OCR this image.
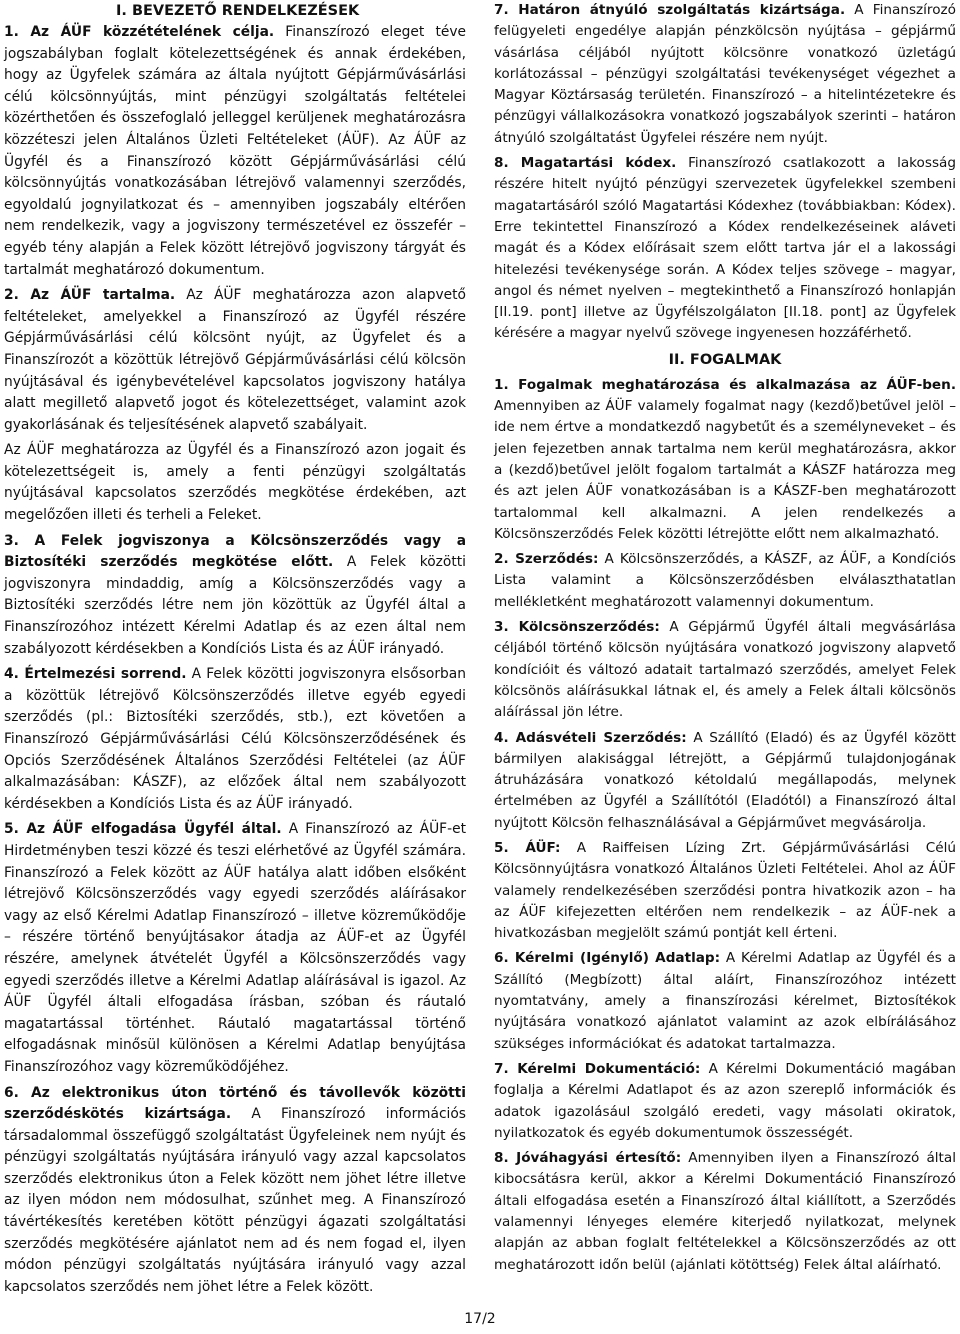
I. BEVEZETŐ RENDELKEZÉSEK

1. Az ÁÜF közzétételének célja. Finanszírozó eleget téve jogszabályban foglalt kötelezettségének és annak érdekében, hogy az Ügyfelek számára az általa nyújtott Gépjárművásárlási célú kölcsönnyújtás, mint pénzügyi szolgáltatás feltételei közérthetően és összefoglaló jelleggel kerüljenek meghatározásra közzéteszi jelen Általános Üzleti Feltételeket (ÁÜF). Az ÁÜF az Ügyfél és a Finanszírozó között Gépjárművásárlási célú kölcsönnyújtás vonatkozásában létrejövő valamennyi szerződés, egyoldalú jognyilatkozat és – amennyiben jogszabály eltérően nem rendelkezik, vagy a jogviszony természetével ez összefér – egyéb tény alapján a Felek között létrejövő jogviszony tárgyát és tartalmát meghatározó dokumentum.

2. Az ÁÜF tartalma. Az ÁÜF meghatározza azon alapvető feltételeket, amelyekkel a Finanszírozó az Ügyfél részére Gépjárművásárlási célú kölcsönt nyújt, az Ügyfelet és a Finanszírozót a közöttük létrejövő Gépjárművásárlási célú kölcsön nyújtásával és igénybevételével kapcsolatos jogviszony hatálya alatt megillető alapvető jogot és kötelezettséget, valamint azok gyakorlásának és teljesítésének alapvető szabályait.

Az ÁÜF meghatározza az Ügyfél és a Finanszírozó azon jogait és kötelezettségeit is, amely a fenti pénzügyi szolgáltatás nyújtásával kapcsolatos szerződés megkötése érdekében, azt megelőzően illeti és terheli a Feleket.

3. A Felek jogviszonya a Kölcsönszerződés vagy a Biztosítéki szerződés megkötése előtt. A Felek közötti jogviszonyra mindaddig, amíg a Kölcsönszerződés vagy a Biztosítéki szerződés létre nem jön közöttük az Ügyfél által a Finanszírozóhoz intézett Kérelmi Adatlap és az ezen által nem szabályozott kérdésekben a Kondíciós Lista és az ÁÜF irányadó.

4. Értelmezési sorrend. A Felek közötti jogviszonyra elsősorban a közöttük létrejövő Kölcsönszerződés illetve egyéb egyedi szerződés (pl.: Biztosítéki szerződés, stb.), ezt követően a Finanszírozó Gépjárművásárlási Célú Kölcsönszerződésének és Opciós Szerződésének Általános Szerződési Feltételei (az ÁÜF alkalmazásában: KÁSZF), az előzőek által nem szabályozott kérdésekben a Kondíciós Lista és az ÁÜF irányadó.

5. Az ÁÜF elfogadása Ügyfél által. A Finanszírozó az ÁÜF-et Hirdetményben teszi közzé és teszi elérhetővé az Ügyfél számára. Finanszírozó a Felek között az ÁÜF hatálya alatt időben elsőként létrejövő Kölcsönszerződés vagy egyedi szerződés aláírásakor vagy az első Kérelmi Adatlap Finanszírozó – illetve közreműködője – részére történő benyújtásakor átadja az ÁÜF-et az Ügyfél részére, amelynek átvételét Ügyfél a Kölcsönszerződés vagy egyedi szerződés illetve a Kérelmi Adatlap aláírásával is igazol. Az ÁÜF Ügyfél általi elfogadása írásban, szóban és ráutaló magatartással történhet. Ráutaló magatartással történő elfogadásnak minősül különösen a Kérelmi Adatlap benyújtása Finanszírozóhoz vagy közreműködőjéhez.

6. Az elektronikus úton történő és távollevők közötti szerződéskötés kizártsága. A Finanszírozó információs társadalommal összefüggő szolgáltatást Ügyfeleinek nem nyújt és pénzügyi szolgáltatás nyújtására irányuló vagy azzal kapcsolatos szerződés elektronikus úton a Felek között nem jöhet létre illetve az ilyen módon nem módosulhat, szűnhet meg. A Finanszírozó távértékesítés keretében kötött pénzügyi ágazati szolgáltatási szerződés megkötésére ajánlatot nem ad és nem fogad el, ilyen módon pénzügyi szolgáltatás nyújtására irányuló vagy azzal kapcsolatos szerződés nem jöhet létre a Felek között.

7. Határon átnyúló szolgáltatás kizártsága. A Finanszírozó felügyeleti engedélye alapján pénzkölcsön nyújtása – gépjármű vásárlása céljából nyújtott kölcsönre vonatkozó üzletágú korlátozással – pénzügyi szolgáltatási tevékenységet végezhet a Magyar Köztársaság területén. Finanszírozó – a hitelintézetekre és pénzügyi vállalkozásokra vonatkozó jogszabályok szerinti – határon átnyúló szolgáltatást Ügyfelei részére nem nyújt.

8. Magatartási kódex. Finanszírozó csatlakozott a lakosság részére hitelt nyújtó pénzügyi szervezetek ügyfelekkel szembeni magatartásáról szóló Magatartási Kódexhez (továbbiakban: Kódex). Erre tekintettel Finanszírozó a Kódex rendelkezéseinek aláveti magát és a Kódex előírásait szem előtt tartva jár el a lakossági hitelezési tevékenysége során. A Kódex teljes szövege – magyar, angol és német nyelven – megtekinthető a Finanszírozó honlapján [II.19. pont] illetve az Ügyfélszolgálaton [II.18. pont] az Ügyfelek kérésére a magyar nyelvű szövege ingyenesen hozzáférhető.

II. FOGALMAK

1. Fogalmak meghatározása és alkalmazása az ÁÜF-ben. Amennyiben az ÁÜF valamely fogalmat nagy (kezdő)betűvel jelöl – ide nem értve a mondatkezdő nagybetűt és a személyneveket – és jelen fejezetben annak tartalma nem kerül meghatározásra, akkor a (kezdő)betűvel jelölt fogalom tartalmát a KÁSZF határozza meg és azt jelen ÁÜF vonatkozásában is a KÁSZF-ben meghatározott tartalommal kell alkalmazni. A jelen rendelkezés a Kölcsönszerződés Felek közötti létrejötte előtt nem alkalmazható.

2. Szerződés: A Kölcsönszerződés, a KÁSZF, az ÁÜF, a Kondíciós Lista valamint a Kölcsönszerződésben elválaszthatatlan mellékletként meghatározott valamennyi dokumentum.

3. Kölcsönszerződés: A Gépjármű Ügyfél általi megvásárlása céljából történő kölcsön nyújtására vonatkozó jogviszony alapvető kondícióit és változó adatait tartalmazó szerződés, amelyet Felek kölcsönös aláírásukkal látnak el, és amely a Felek általi kölcsönös aláírással jön létre.

4. Adásvételi Szerződés: A Szállító (Eladó) és az Ügyfél között bármilyen alakisággal létrejött, a Gépjármű tulajdonjogának átruházására vonatkozó kétoldalú megállapodás, melynek értelmében az Ügyfél a Szállítótól (Eladótól) a Finanszírozó által nyújtott Kölcsön felhasználásával a Gépjárművet megvásárolja.

5. ÁÜF: A Raiffeisen Lízing Zrt. Gépjárművásárlási Célú Kölcsönnyújtásra vonatkozó Általános Üzleti Feltételei. Ahol az ÁÜF valamely rendelkezésében szerződési pontra hivatkozik azon – ha az ÁÜF kifejezetten eltérően nem rendelkezik – az ÁÜF-nek a hivatkozásban megjelölt számú pontját kell érteni.

6. Kérelmi (Igénylő) Adatlap: A Kérelmi Adatlap az Ügyfél és a Szállító (Megbízott) által aláírt, Finanszírozóhoz intézett nyomtatvány, amely a finanszírozási kérelmet, Biztosítékok nyújtására vonatkozó ajánlatot valamint az azok elbírálásához szükséges információkat és adatokat tartalmazza.

7. Kérelmi Dokumentáció: A Kérelmi Dokumentáció magában foglalja a Kérelmi Adatlapot és az azon szereplő információk és adatok igazolásául szolgáló eredeti, vagy másolati okiratok, nyilatkozatok és egyéb dokumentumok összességét.

8. Jóváhagyási értesítő: Amennyiben ilyen a Finanszírozó által kibocsátásra kerül, akkor a Kérelmi Dokumentáció Finanszírozó általi elfogadása esetén a Finanszírozó által kiállított, a Szerződés valamennyi lényeges elemére kiterjedő nyilatkozat, melynek alapján az abban foglalt feltételekkel a Kölcsönszerződés az ott meghatározott időn belül (ajánlati kötöttség) Felek által aláírható.

17/2
